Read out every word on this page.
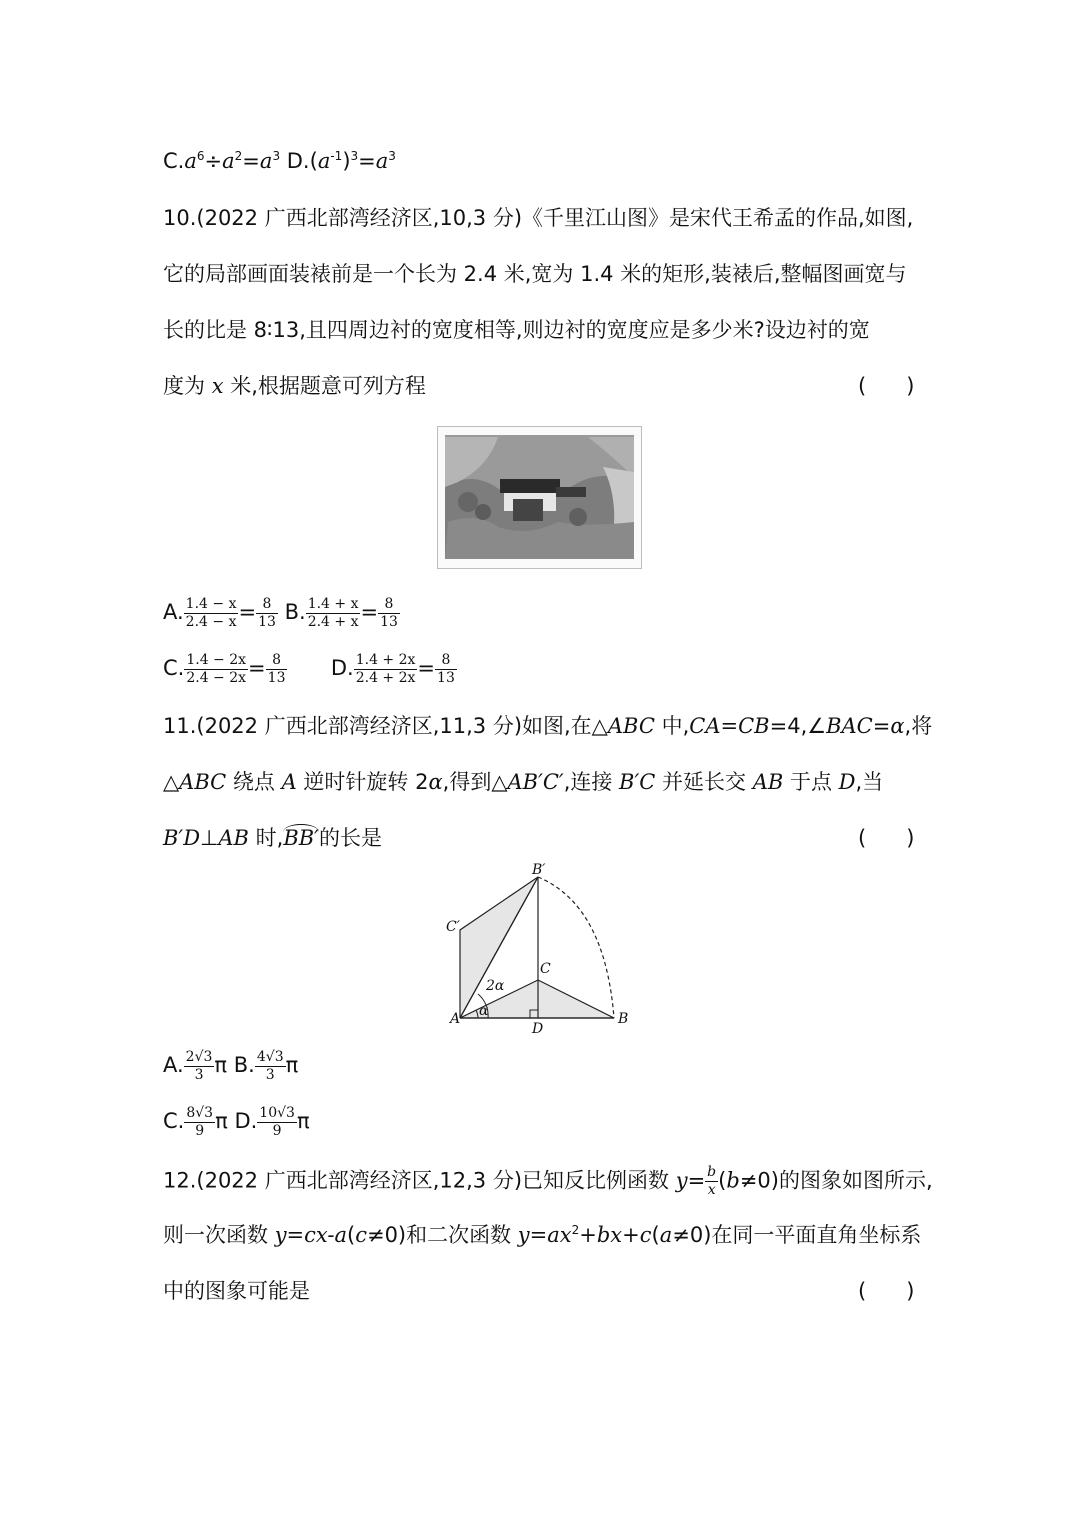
$C.a^6\div a^2=a^3$ $D.(a^{-1})^3=a^3$
10.(2022 广西北部湾经济区,10,3 分)《千里江山图》是宋代王希孟的作品,如图,
它的局部画面装裱前是一个长为 2.4 米,宽为 1.4 米的矩形,装裱后,整幅图画宽与
长的比是 8∶13,且四周边衬的宽度相等,则边衬的宽度应是多少米?设边衬的宽
度为 x 米,根据题意可列方程	(      )
A. $\frac{1.4 - x}{2.4 - x} = \frac{8}{13} B$. $\frac{1.4 + x}{2.4 + x} = \frac{8}{13}$
C. $\frac{1.4 - 2x}{2.4 - 2x} = \frac{8}{13} D$. $\frac{1.4 + 2x}{2.4 + 2x} = \frac{8}{13}$
11.(2022 广西北部湾经济区,11,3 分)如图,在△ABC 中,CA=CB=4,∠BAC=α,将
△ABC 绕点 A 逆时针旋转 2α,得到△AB′C′,连接 B′C 并延长交 AB 于点 D,当
B′D⊥AB 时,BB′的长是	(      )
A	B
C
D
B′
C′
2α
α
A. $\frac{2√3}{3}$ π B. $\frac{4√3}{3}$ π
C. $\frac{8√3}{9}$ π D. $\frac{10√3}{9}$ π
12.(2022 广西北部湾经济区,12,3 分)已知反比例函数 $y= \frac{b}{x} (b\ne 0)$的图象如图所示,
则一次函数 y=cx-a(c≠0)和二次函数 $y=ax^2+bx+c(a\ne 0)$在同一平面直角坐标系
中的图象可能是	(      )
